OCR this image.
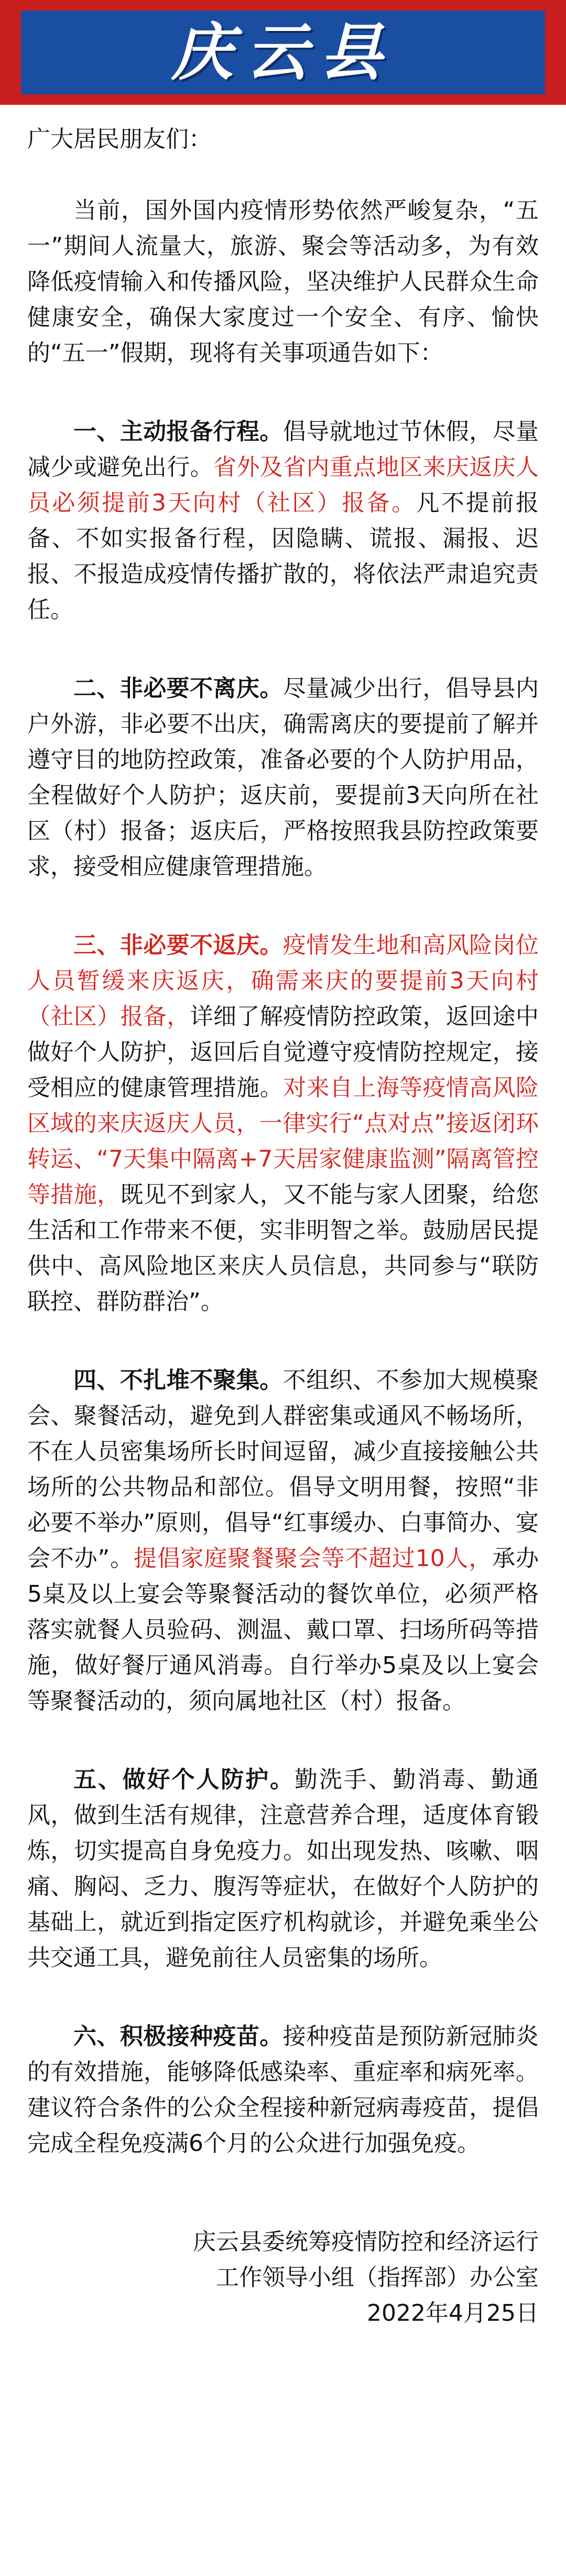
庆云县

广大居民朋友们：

当前，国外国内疫情形势依然严峻复杂，“五一”期间人流量大，旅游、聚会等活动多，为有效降低疫情输入和传播风险，坚决维护人民群众生命健康安全，确保大家度过一个安全、有序、愉快的“五一”假期，现将有关事项通告如下：

一、主动报备行程。倡导就地过节休假，尽量减少或避免出行。省外及省内重点地区来庆返庆人员必须提前3天向村（社区）报备。凡不提前报备、不如实报备行程，因隐瞒、谎报、漏报、迟报、不报造成疫情传播扩散的，将依法严肃追究责任。

二、非必要不离庆。尽量减少出行，倡导县内户外游，非必要不出庆，确需离庆的要提前了解并遵守目的地防控政策，准备必要的个人防护用品，全程做好个人防护；返庆前，要提前3天向所在社区（村）报备；返庆后，严格按照我县防控政策要求，接受相应健康管理措施。

三、非必要不返庆。疫情发生地和高风险岗位人员暂缓来庆返庆，确需来庆的要提前3天向村（社区）报备，详细了解疫情防控政策，返回途中做好个人防护，返回后自觉遵守疫情防控规定，接受相应的健康管理措施。对来自上海等疫情高风险区域的来庆返庆人员，一律实行“点对点”接返闭环转运、“7天集中隔离+7天居家健康监测”隔离管控等措施，既见不到家人，又不能与家人团聚，给您生活和工作带来不便，实非明智之举。鼓励居民提供中、高风险地区来庆人员信息，共同参与“联防联控、群防群治”。

四、不扎堆不聚集。不组织、不参加大规模聚会、聚餐活动，避免到人群密集或通风不畅场所，不在人员密集场所长时间逗留，减少直接接触公共场所的公共物品和部位。倡导文明用餐，按照“非必要不举办”原则，倡导“红事缓办、白事简办、宴会不办”。提倡家庭聚餐聚会等不超过10人，承办5桌及以上宴会等聚餐活动的餐饮单位，必须严格落实就餐人员验码、测温、戴口罩、扫场所码等措施，做好餐厅通风消毒。自行举办5桌及以上宴会等聚餐活动的，须向属地社区（村）报备。

五、做好个人防护。勤洗手、勤消毒、勤通风，做到生活有规律，注意营养合理，适度体育锻炼，切实提高自身免疫力。如出现发热、咳嗽、咽痛、胸闷、乏力、腹泻等症状，在做好个人防护的基础上，就近到指定医疗机构就诊，并避免乘坐公共交通工具，避免前往人员密集的场所。

六、积极接种疫苗。接种疫苗是预防新冠肺炎的有效措施，能够降低感染率、重症率和病死率。建议符合条件的公众全程接种新冠病毒疫苗，提倡完成全程免疫满6个月的公众进行加强免疫。

庆云县委统筹疫情防控和经济运行
工作领导小组（指挥部）办公室
2022年4月25日
